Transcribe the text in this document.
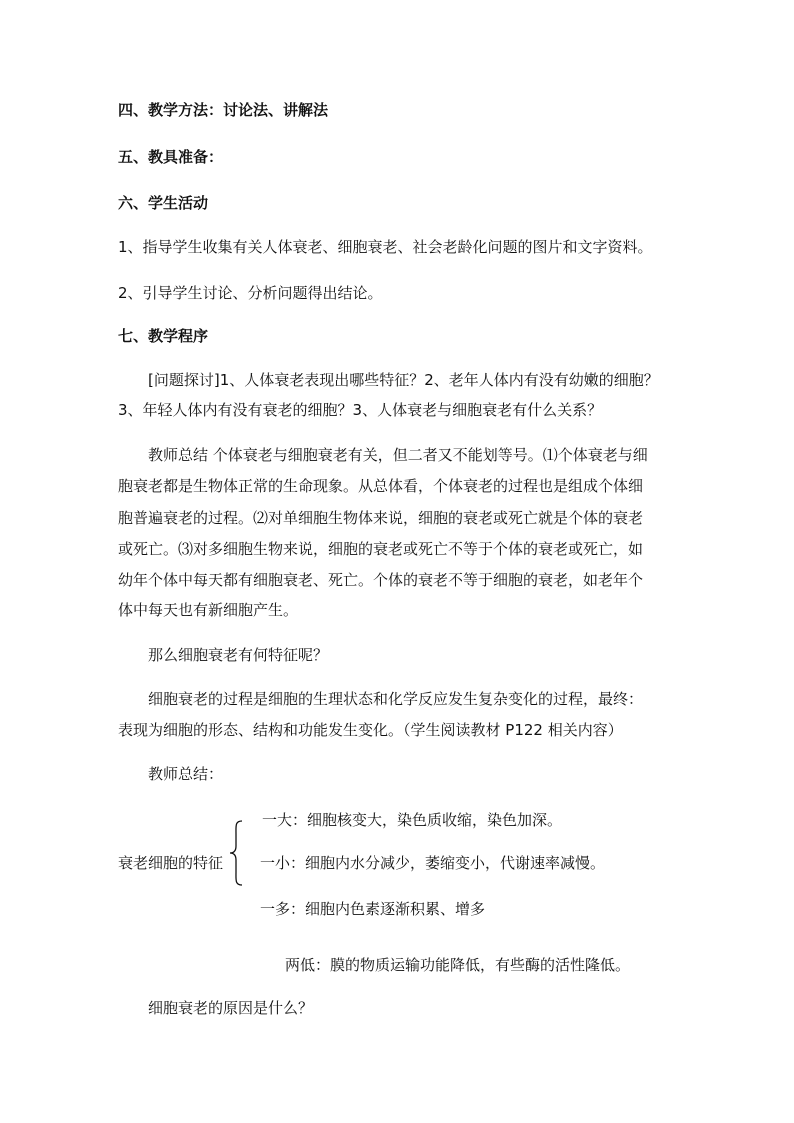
四、教学方法：讨论法、讲解法
五、教具准备：
六、学生活动
1、指导学生收集有关人体衰老、细胞衰老、社会老龄化问题的图片和文字资料。
2、引导学生讨论、分析问题得出结论。
七、教学程序
[问题探讨]1、人体衰老表现出哪些特征？2、老年人体内有没有幼嫩的细胞？
3、年轻人体内有没有衰老的细胞？3、人体衰老与细胞衰老有什么关系？
教师总结 个体衰老与细胞衰老有关，但二者又不能划等号。⑴个体衰老与细
胞衰老都是生物体正常的生命现象。从总体看，个体衰老的过程也是组成个体细
胞普遍衰老的过程。⑵对单细胞生物体来说，细胞的衰老或死亡就是个体的衰老
或死亡。⑶对多细胞生物来说，细胞的衰老或死亡不等于个体的衰老或死亡，如
幼年个体中每天都有细胞衰老、死亡。个体的衰老不等于细胞的衰老，如老年个
体中每天也有新细胞产生。
那么细胞衰老有何特征呢？
细胞衰老的过程是细胞的生理状态和化学反应发生复杂变化的过程，最终：
表现为细胞的形态、结构和功能发生变化。（学生阅读教材 P122 相关内容）
教师总结：
一大：细胞核变大，染色质收缩，染色加深。
衰老细胞的特征 一小：细胞内水分减少，萎缩变小，代谢速率减慢。
一多：细胞内色素逐渐积累、增多
两低：膜的物质运输功能降低，有些酶的活性隆低。
细胞衰老的原因是什么？
